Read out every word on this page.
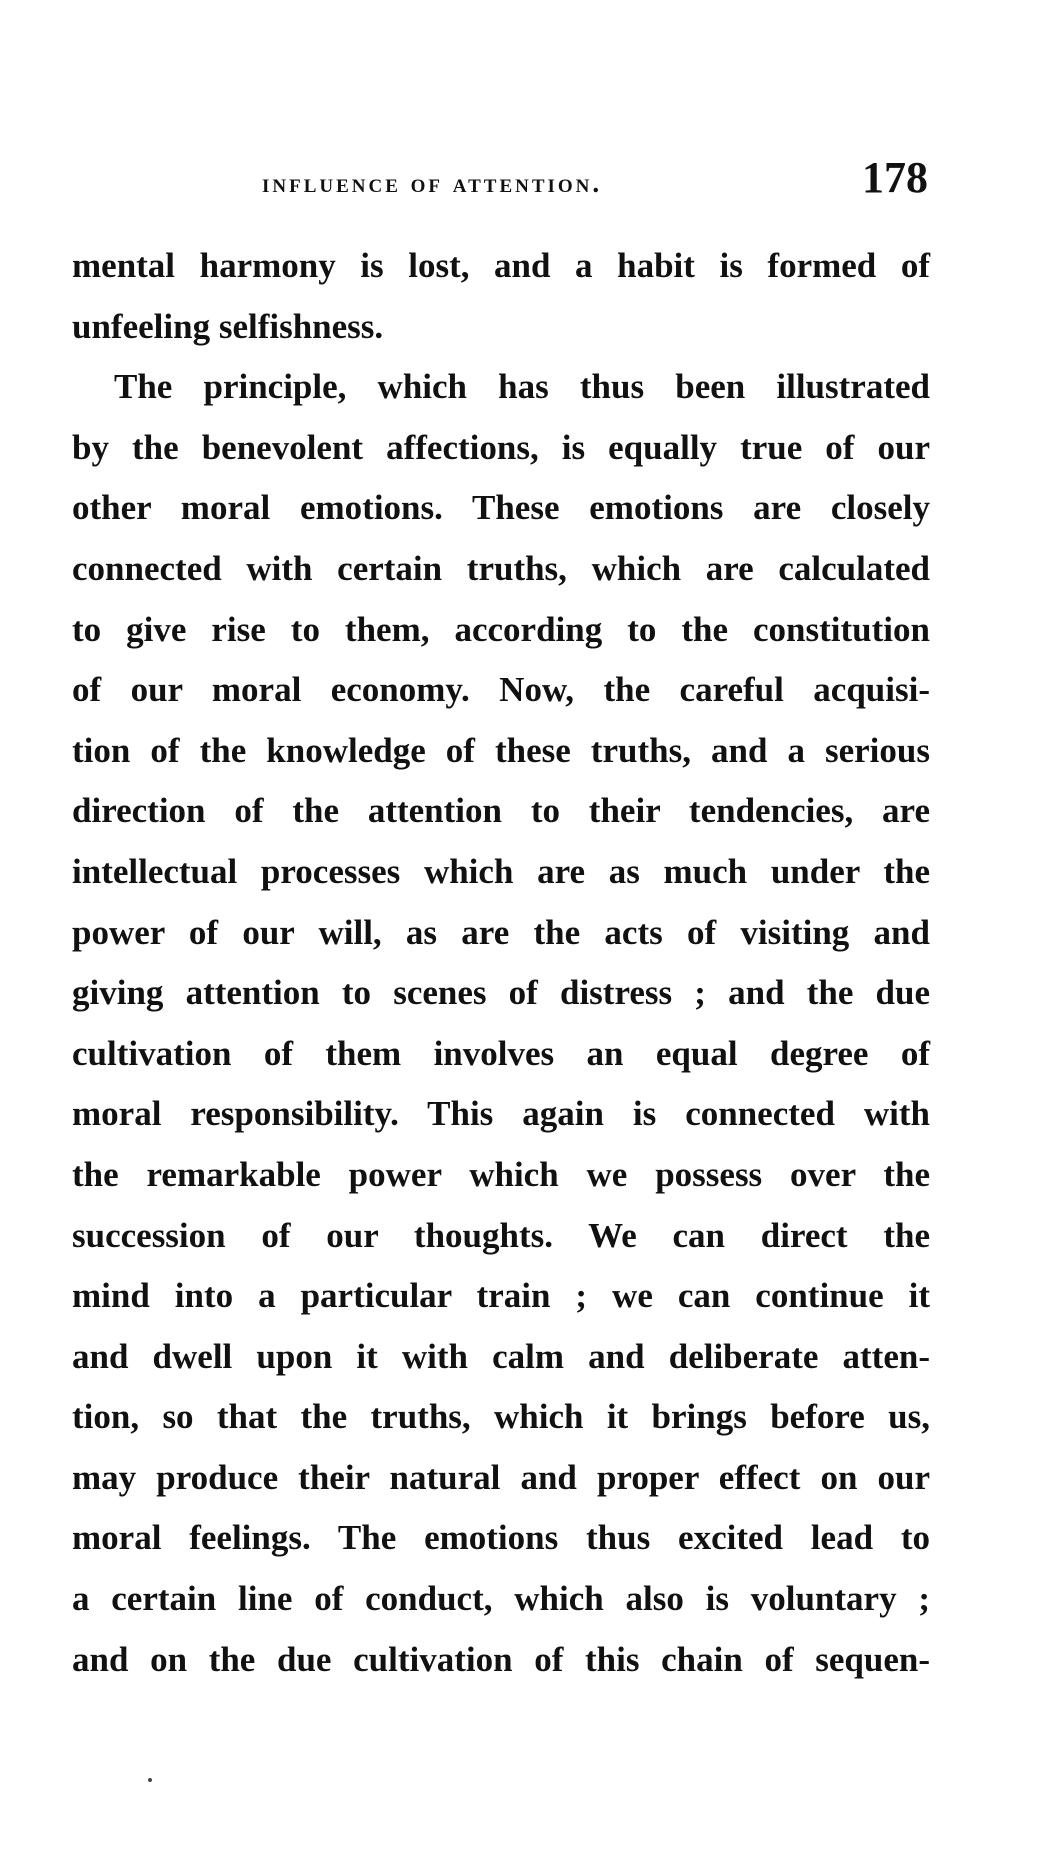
influence of attention.	178
mental harmony is lost, and a habit is formed of
unfeeling selfishness.
The principle, which has thus been illustrated
by the benevolent affections, is equally true of our
other moral emotions. These emotions are closely
connected with certain truths, which are calculated
to give rise to them, according to the constitution
of our moral economy. Now, the careful acquisi-
tion of the knowledge of these truths, and a serious
direction of the attention to their tendencies, are
intellectual processes which are as much under the
power of our will, as are the acts of visiting and
giving attention to scenes of distress ; and the due
cultivation of them involves an equal degree of
moral responsibility. This again is connected with
the remarkable power which we possess over the
succession of our thoughts. We can direct the
mind into a particular train ; we can continue it
and dwell upon it with calm and deliberate atten-
tion, so that the truths, which it brings before us,
may produce their natural and proper effect on our
moral feelings. The emotions thus excited lead to
a certain line of conduct, which also is voluntary ;
and on the due cultivation of this chain of sequen-
